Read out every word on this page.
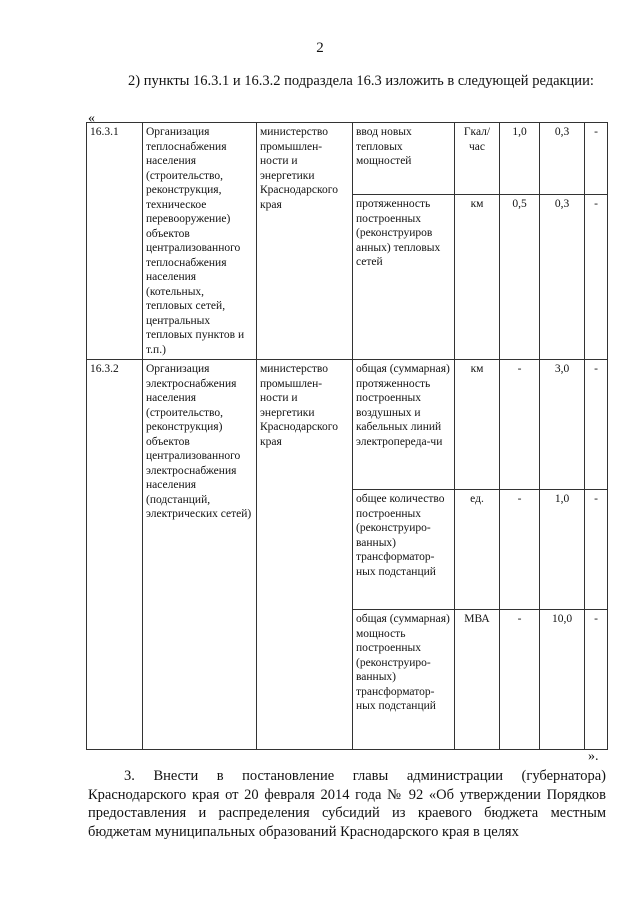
2
2) пункты 16.3.1 и 16.3.2 подраздела 16.3 изложить в следующей редакции:
«
16.3.1	Организация теплоснабжения населения (строительство, реконструкция, техническое перевооружение) объектов централизованного теплоснабжения населения (котельных, тепловых сетей, центральных тепловых пунктов и т.п.)	министерство промышлен-ности и энергетики Краснодарского края	ввод новых тепловых мощностей	Гкал/ час	1,0	0,3	-
			протяженность построенных (реконструиров анных) тепловых сетей	км	0,5	0,3	-
16.3.2	Организация электроснабжения населения (строительство, реконструкция) объектов централизованного электроснабжения населения (подстанций, электрических сетей)	министерство промышлен-ности и энергетики Краснодарского края	общая (суммарная) протяженность построенных воздушных и кабельных линий электропереда-чи	км	-	3,0	-
			общее количество построенных (реконструиро-ванных) трансформатор-ных подстанций	ед.	-	1,0	-
			общая (суммарная) мощность построенных (реконструиро-ванных) трансформатор-ных подстанций	МВА	-	10,0	-
».
3. Внести в постановление главы администрации (губернатора) Краснодарского края от 20 февраля 2014 года № 92 «Об утверждении Порядков предоставления и распределения субсидий из краевого бюджета местным бюджетам муниципальных образований Краснодарского края в целях
